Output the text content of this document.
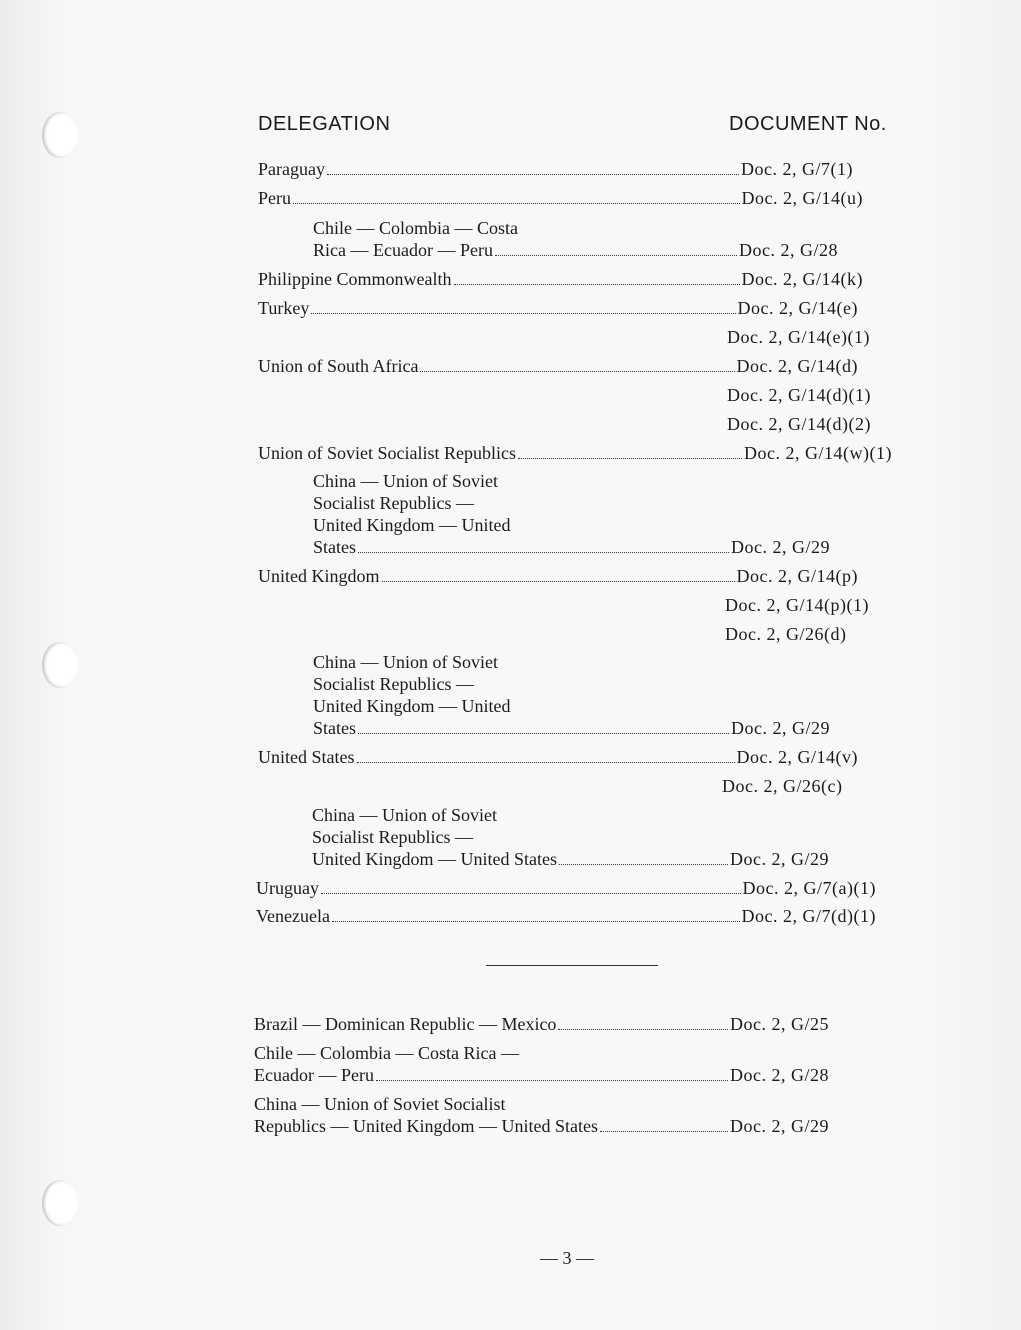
DELEGATION	DOCUMENT No.
Paraguay	Doc. 2, G/7(1)
Peru	Doc. 2, G/14(u)
Chile — Colombia — Costa
Rica — Ecuador — Peru	Doc. 2, G/28
Philippine Commonwealth	Doc. 2, G/14(k)
Turkey	Doc. 2, G/14(e)
Doc. 2, G/14(e)(1)
Union of South Africa	Doc. 2, G/14(d)
Doc. 2, G/14(d)(1)
Doc. 2, G/14(d)(2)
Union of Soviet Socialist Republics	Doc. 2, G/14(w)(1)
China — Union of Soviet
Socialist Republics —
United Kingdom — United
States	Doc. 2, G/29
United Kingdom	Doc. 2, G/14(p)
Doc. 2, G/14(p)(1)
Doc. 2, G/26(d)
China — Union of Soviet
Socialist Republics —
United Kingdom — United
States	Doc. 2, G/29
United States	Doc. 2, G/14(v)
Doc. 2, G/26(c)
China — Union of Soviet
Socialist Republics —
United Kingdom — United States	Doc. 2, G/29
Uruguay	Doc. 2, G/7(a)(1)
Venezuela	Doc. 2, G/7(d)(1)
Brazil — Dominican Republic — Mexico	Doc. 2, G/25
Chile — Colombia — Costa Rica —
Ecuador — Peru	Doc. 2, G/28
China — Union of Soviet Socialist
Republics — United Kingdom — United States	Doc. 2, G/29
— 3 —
